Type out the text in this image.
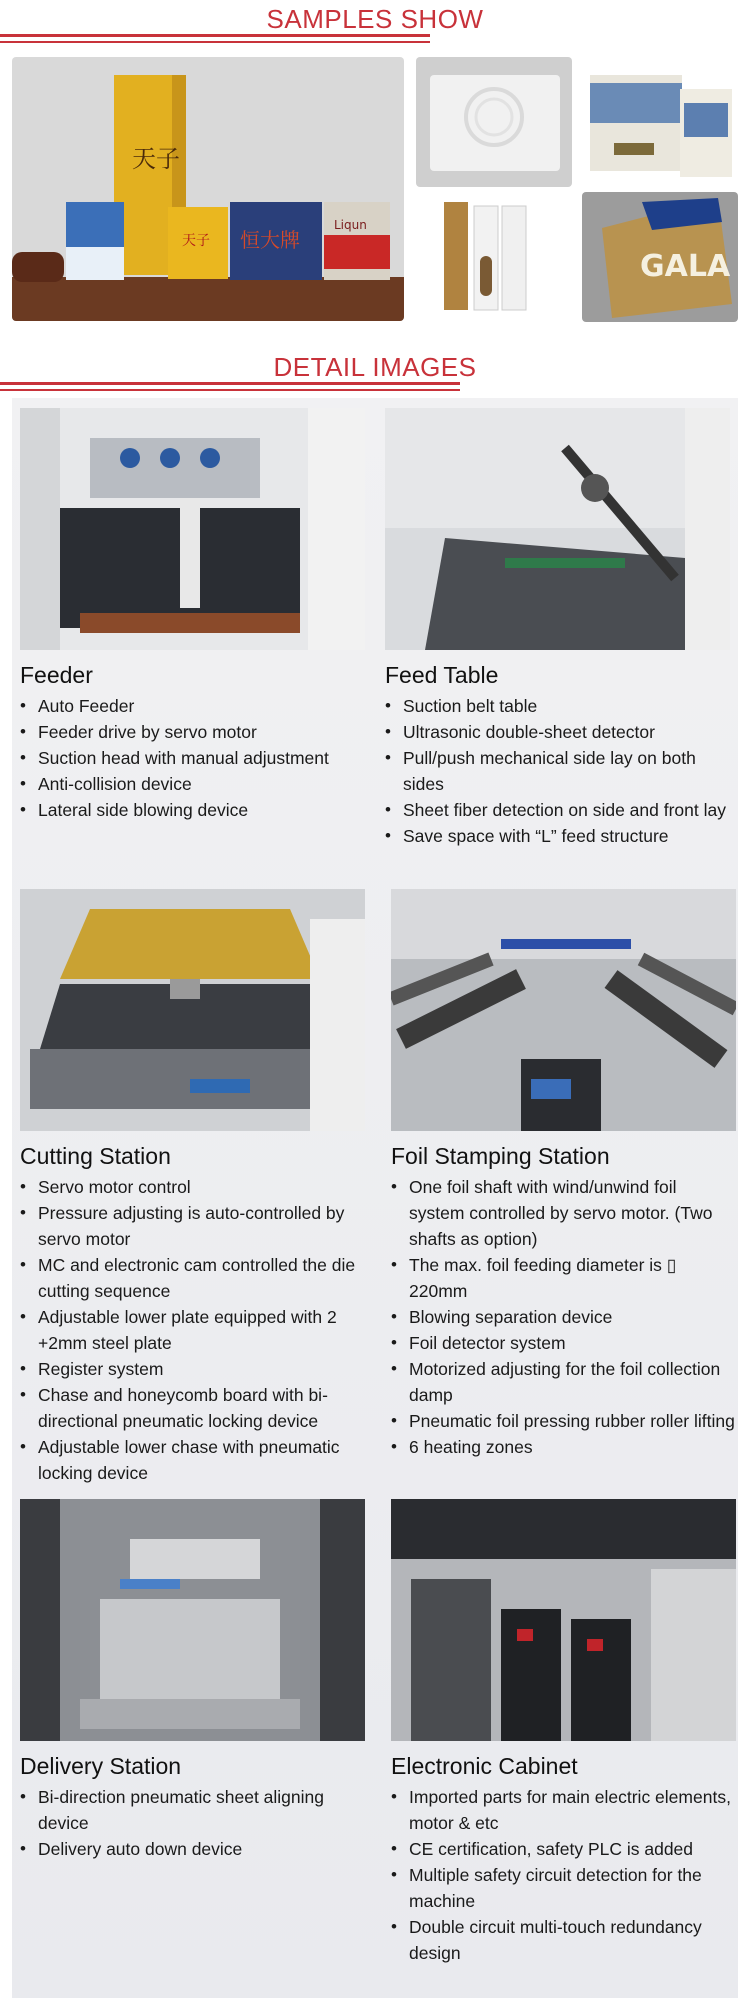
SAMPLES SHOW
天子
天子 恒大牌
Liqun
GALA
DETAIL IMAGES
Feeder
• Auto Feeder
• Feeder drive by servo motor
• Suction head with manual adjustment
• Anti-collision device
• Lateral side blowing device
Feed Table
• Suction belt table
• Ultrasonic double-sheet detector
• Pull/push mechanical side lay on both sides
• Sheet fiber detection on side and front lay
• Save space with “L” feed structure
Cutting Station
• Servo motor control
• Pressure adjusting is auto-controlled by servo motor
• MC and electronic cam controlled the die cutting sequence
• Adjustable lower plate equipped with 2 +2mm steel plate
• Register system
• Chase and honeycomb board with bi-directional pneumatic locking device
• Adjustable lower chase with pneumatic locking device
Foil Stamping Station
• One foil shaft with wind/unwind foil system controlled by servo motor. (Two shafts as option)
• The max. foil feeding diameter is ▯ 220mm
• Blowing separation device
• Foil detector system
• Motorized adjusting for the foil collection damp
• Pneumatic foil pressing rubber roller lifting
• 6 heating zones
Delivery Station
• Bi-direction pneumatic sheet aligning device
• Delivery auto down device
Electronic Cabinet
• Imported parts for main electric elements, motor & etc
• CE certification, safety PLC is added
• Multiple safety circuit detection for the machine
• Double circuit multi-touch redundancy design
